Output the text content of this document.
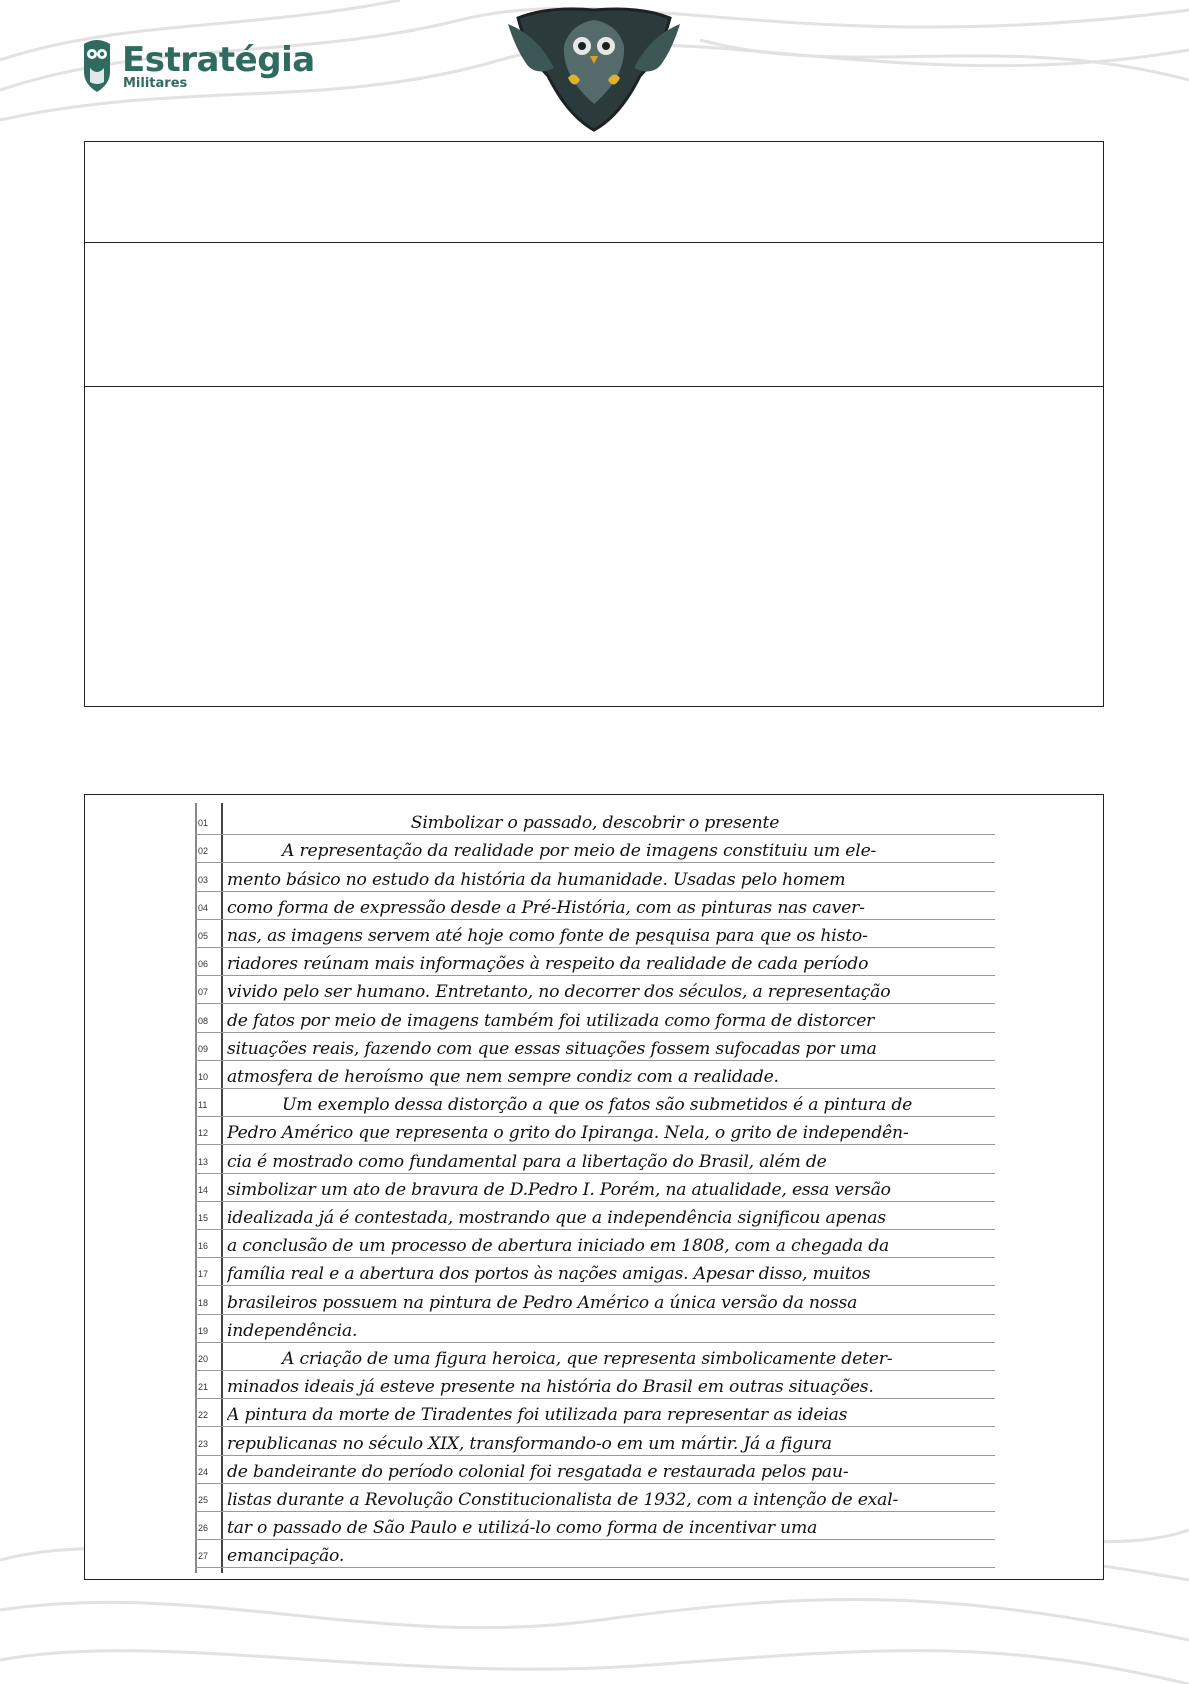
Estratégia
Militares
01	Simbolizar o passado, descobrir o presente
02	A representação da realidade por meio de imagens constituiu um ele-
03	mento básico no estudo da história da humanidade. Usadas pelo homem
04	como forma de expressão desde a Pré-História, com as pinturas nas caver-
05	nas, as imagens servem até hoje como fonte de pesquisa para que os histo-
06	riadores reúnam mais informações à respeito da realidade de cada período
07	vivido pelo ser humano. Entretanto, no decorrer dos séculos, a representação
08	de fatos por meio de imagens também foi utilizada como forma de distorcer
09	situações reais, fazendo com que essas situações fossem sufocadas por uma
10	atmosfera de heroísmo que nem sempre condiz com a realidade.
11	Um exemplo dessa distorção a que os fatos são submetidos é a pintura de
12	Pedro Américo que representa o grito do Ipiranga. Nela, o grito de independên-
13	cia é mostrado como fundamental para a libertação do Brasil, além de
14	simbolizar um ato de bravura de D.Pedro I. Porém, na atualidade, essa versão
15	idealizada já é contestada, mostrando que a independência significou apenas
16	a conclusão de um processo de abertura iniciado em 1808, com a chegada da
17	família real e a abertura dos portos às nações amigas. Apesar disso, muitos
18	brasileiros possuem na pintura de Pedro Américo a única versão da nossa
19	independência.
20	A criação de uma figura heroica, que representa simbolicamente deter-
21	minados ideais já esteve presente na história do Brasil em outras situações.
22	A pintura da morte de Tiradentes foi utilizada para representar as ideias
23	republicanas no século XIX, transformando-o em um mártir. Já a figura
24	de bandeirante do período colonial foi resgatada e restaurada pelos pau-
25	listas durante a Revolução Constitucionalista de 1932, com a intenção de exal-
26	tar o passado de São Paulo e utilizá-lo como forma de incentivar uma
27	emancipação.
